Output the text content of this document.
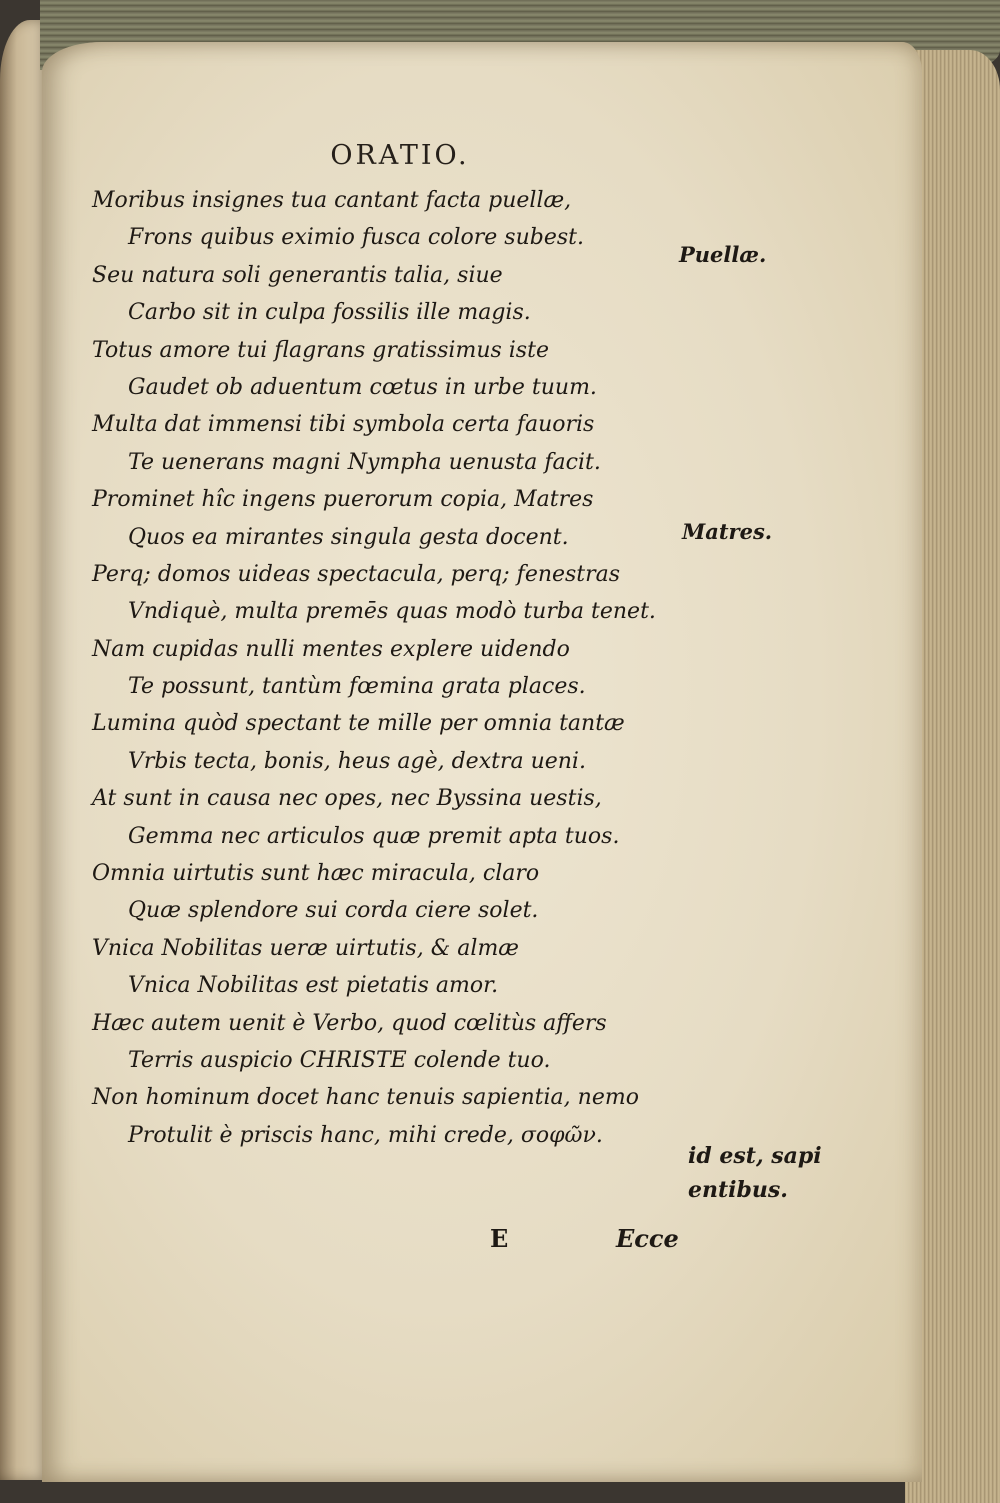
ORATIO.
Moribus insignes tua cantant facta puellæ,
Frons quibus eximio fusca colore subest.
Seu natura soli generantis talia, siue
Carbo sit in culpa fossilis ille magis.
Totus amore tui flagrans gratissimus iste
Gaudet ob aduentum cœtus in urbe tuum.
Multa dat immensi tibi symbola certa fauoris
Te uenerans magni Nympha uenusta facit.
Prominet hîc ingens puerorum copia, Matres
Quos ea mirantes singula gesta docent.
Perq; domos uideas spectacula, perq; fenestras
Vndiquè, multa premēs quas modò turba tenet.
Nam cupidas nulli mentes explere uidendo
Te possunt, tantùm fœmina grata places.
Lumina quòd spectant te mille per omnia tantæ
Vrbis tecta, bonis, heus agè, dextra ueni.
At sunt in causa nec opes, nec Byssina uestis,
Gemma nec articulos quæ premit apta tuos.
Omnia uirtutis sunt hæc miracula, claro
Quæ splendore sui corda ciere solet.
Vnica Nobilitas ueræ uirtutis, & almæ
Vnica Nobilitas est pietatis amor.
Hæc autem uenit è Verbo, quod cœlitùs affers
Terris auspicio CHRISTE colende tuo.
Non hominum docet hanc tenuis sapientia, nemo
Protulit è priscis hanc, mihi crede, σοφῶν.
Puellæ.
Matres.
id est, sapi
entibus.
E	Ecce
